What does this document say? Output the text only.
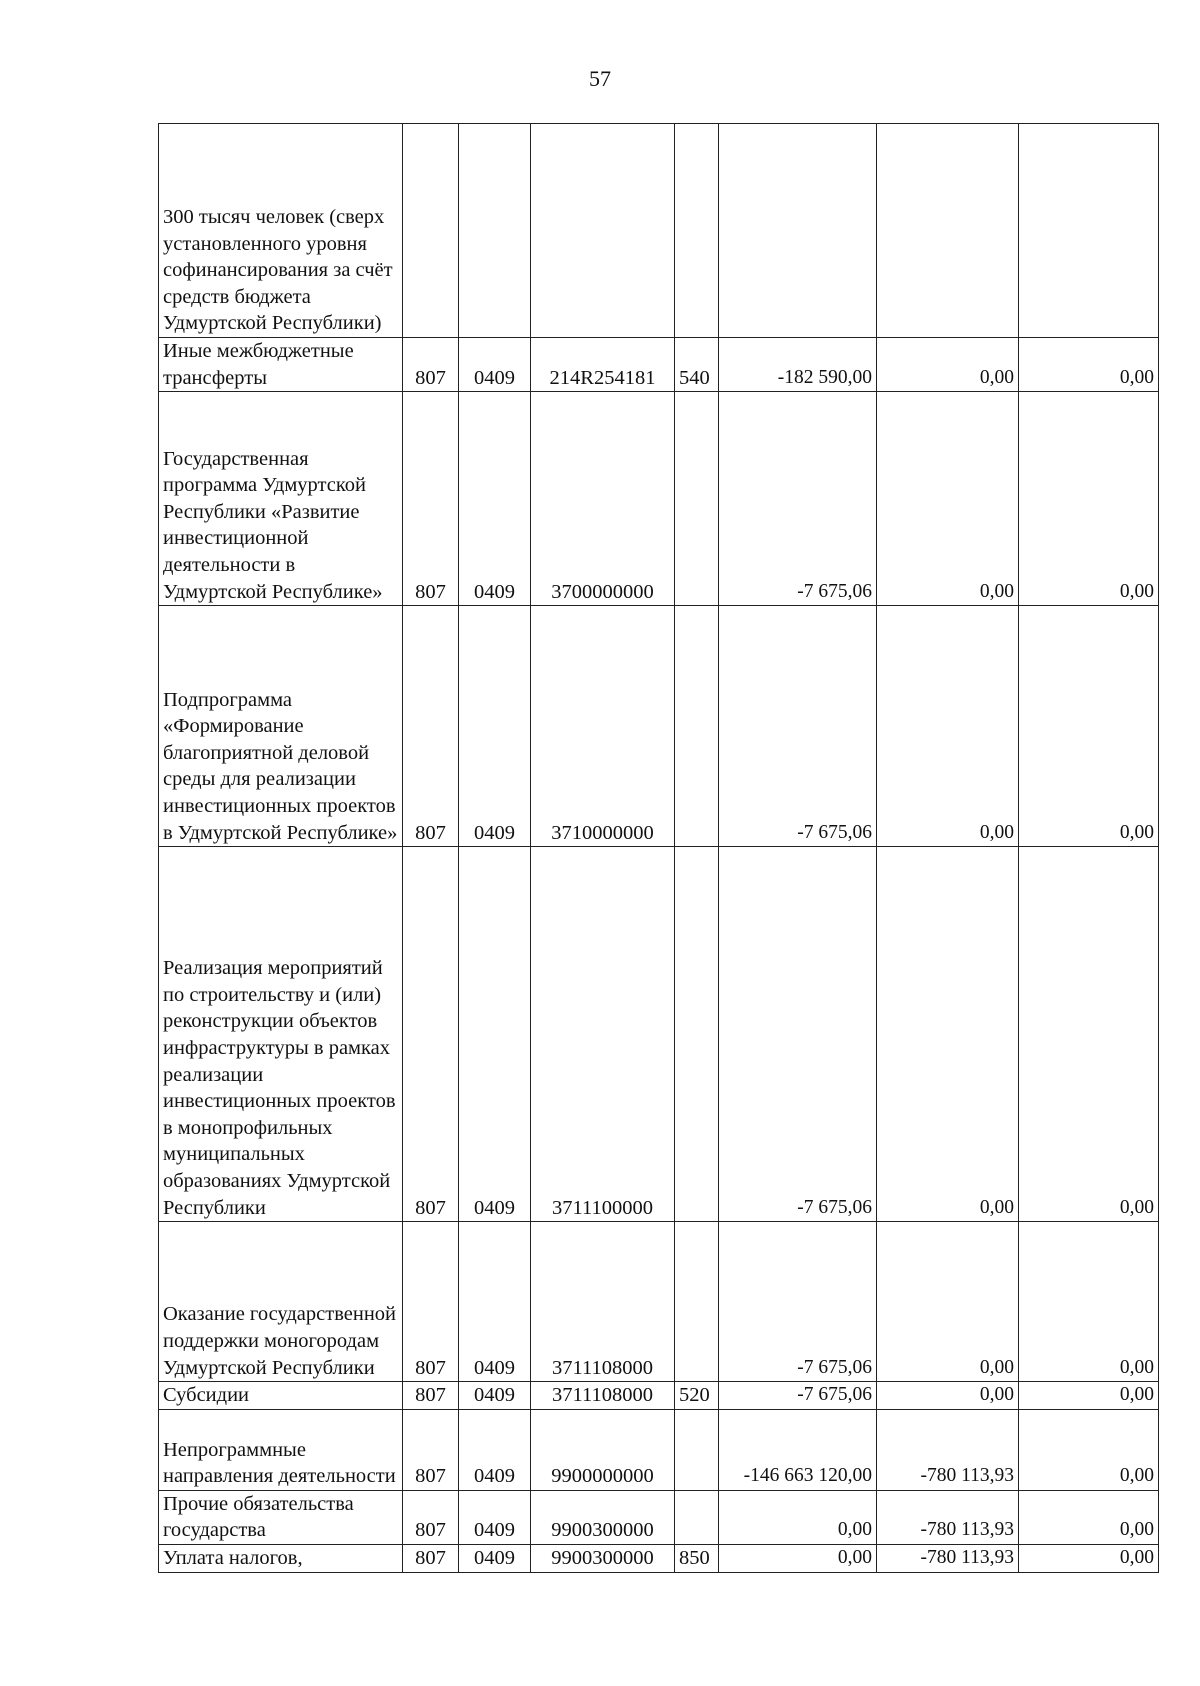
57
300 тысяч человек (сверх установленного уровня софинансирования за счёт средств бюджета Удмуртской Республики)							
Иные межбюджетные трансферты	807	0409	214R254181	540	-182 590,00	0,00	0,00
Государственная программа Удмуртской Республики «Развитие инвестиционной деятельности в Удмуртской Республике»	807	0409	3700000000		-7 675,06	0,00	0,00
Подпрограмма «Формирование благоприятной деловой среды для реализации инвестиционных проектов в Удмуртской Республике»	807	0409	3710000000		-7 675,06	0,00	0,00
Реализация мероприятий по строительству и (или) реконструкции объектов инфраструктуры в рамках реализации инвестиционных проектов в монопрофильных муниципальных образованиях Удмуртской Республики	807	0409	3711100000		-7 675,06	0,00	0,00
Оказание государственной поддержки моногородам Удмуртской Республики	807	0409	3711108000		-7 675,06	0,00	0,00
Субсидии	807	0409	3711108000	520	-7 675,06	0,00	0,00
Непрограммные направления деятельности	807	0409	9900000000		-146 663 120,00	-780 113,93	0,00
Прочие обязательства государства	807	0409	9900300000		0,00	-780 113,93	0,00
Уплата налогов,	807	0409	9900300000	850	0,00	-780 113,93	0,00
